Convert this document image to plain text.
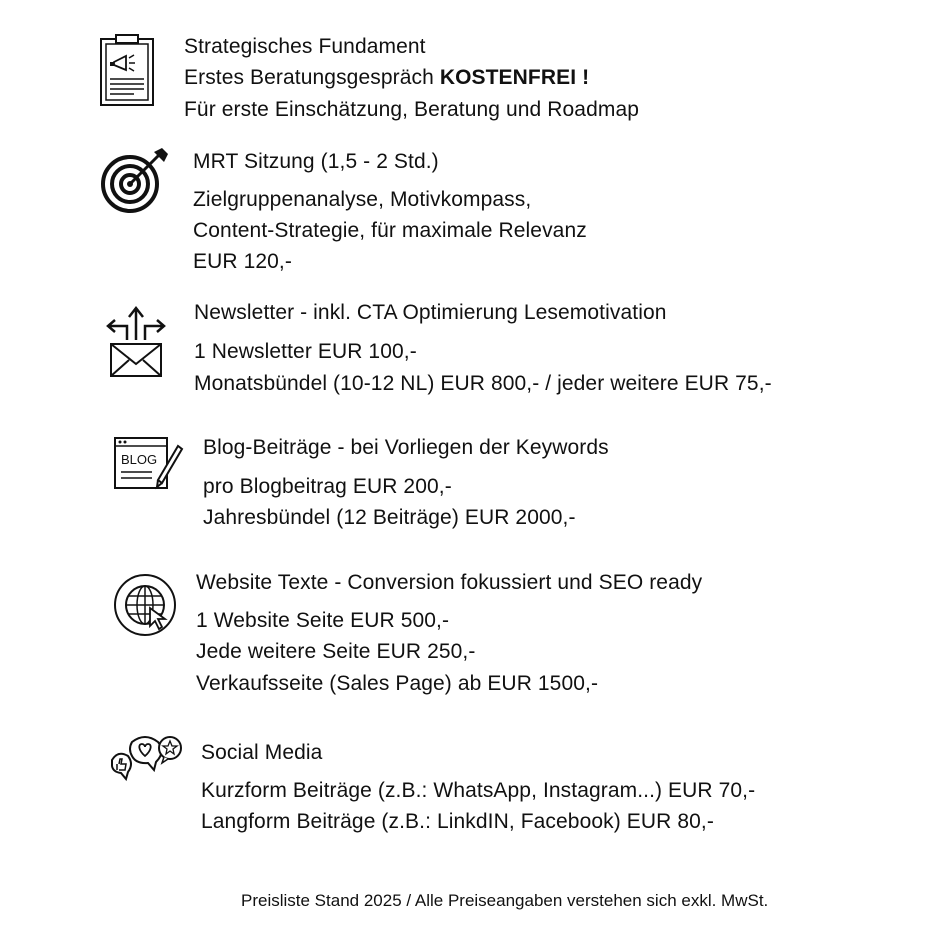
Strategisches Fundament
Erstes Beratungsgespräch KOSTENFREI !
Für erste Einschätzung, Beratung und Roadmap
MRT Sitzung (1,5 - 2 Std.)
Zielgruppenanalyse, Motivkompass,
Content-Strategie, für maximale Relevanz
EUR 120,-
Newsletter - inkl. CTA Optimierung Lesemotivation
1 Newsletter EUR 100,-
Monatsbündel (10-12 NL) EUR 800,- / jeder weitere EUR 75,-
BLOG
Blog-Beiträge - bei Vorliegen der Keywords
pro Blogbeitrag EUR 200,-
Jahresbündel (12 Beiträge) EUR 2000,-
Website Texte - Conversion fokussiert und SEO ready
1 Website Seite EUR 500,-
Jede weitere Seite EUR 250,-
Verkaufsseite (Sales Page) ab EUR 1500,-
Social Media
Kurzform Beiträge (z.B.: WhatsApp, Instagram...) EUR 70,-
Langform Beiträge (z.B.: LinkdIN, Facebook) EUR 80,-
Preisliste Stand 2025 / Alle Preiseangaben verstehen sich exkl. MwSt.
